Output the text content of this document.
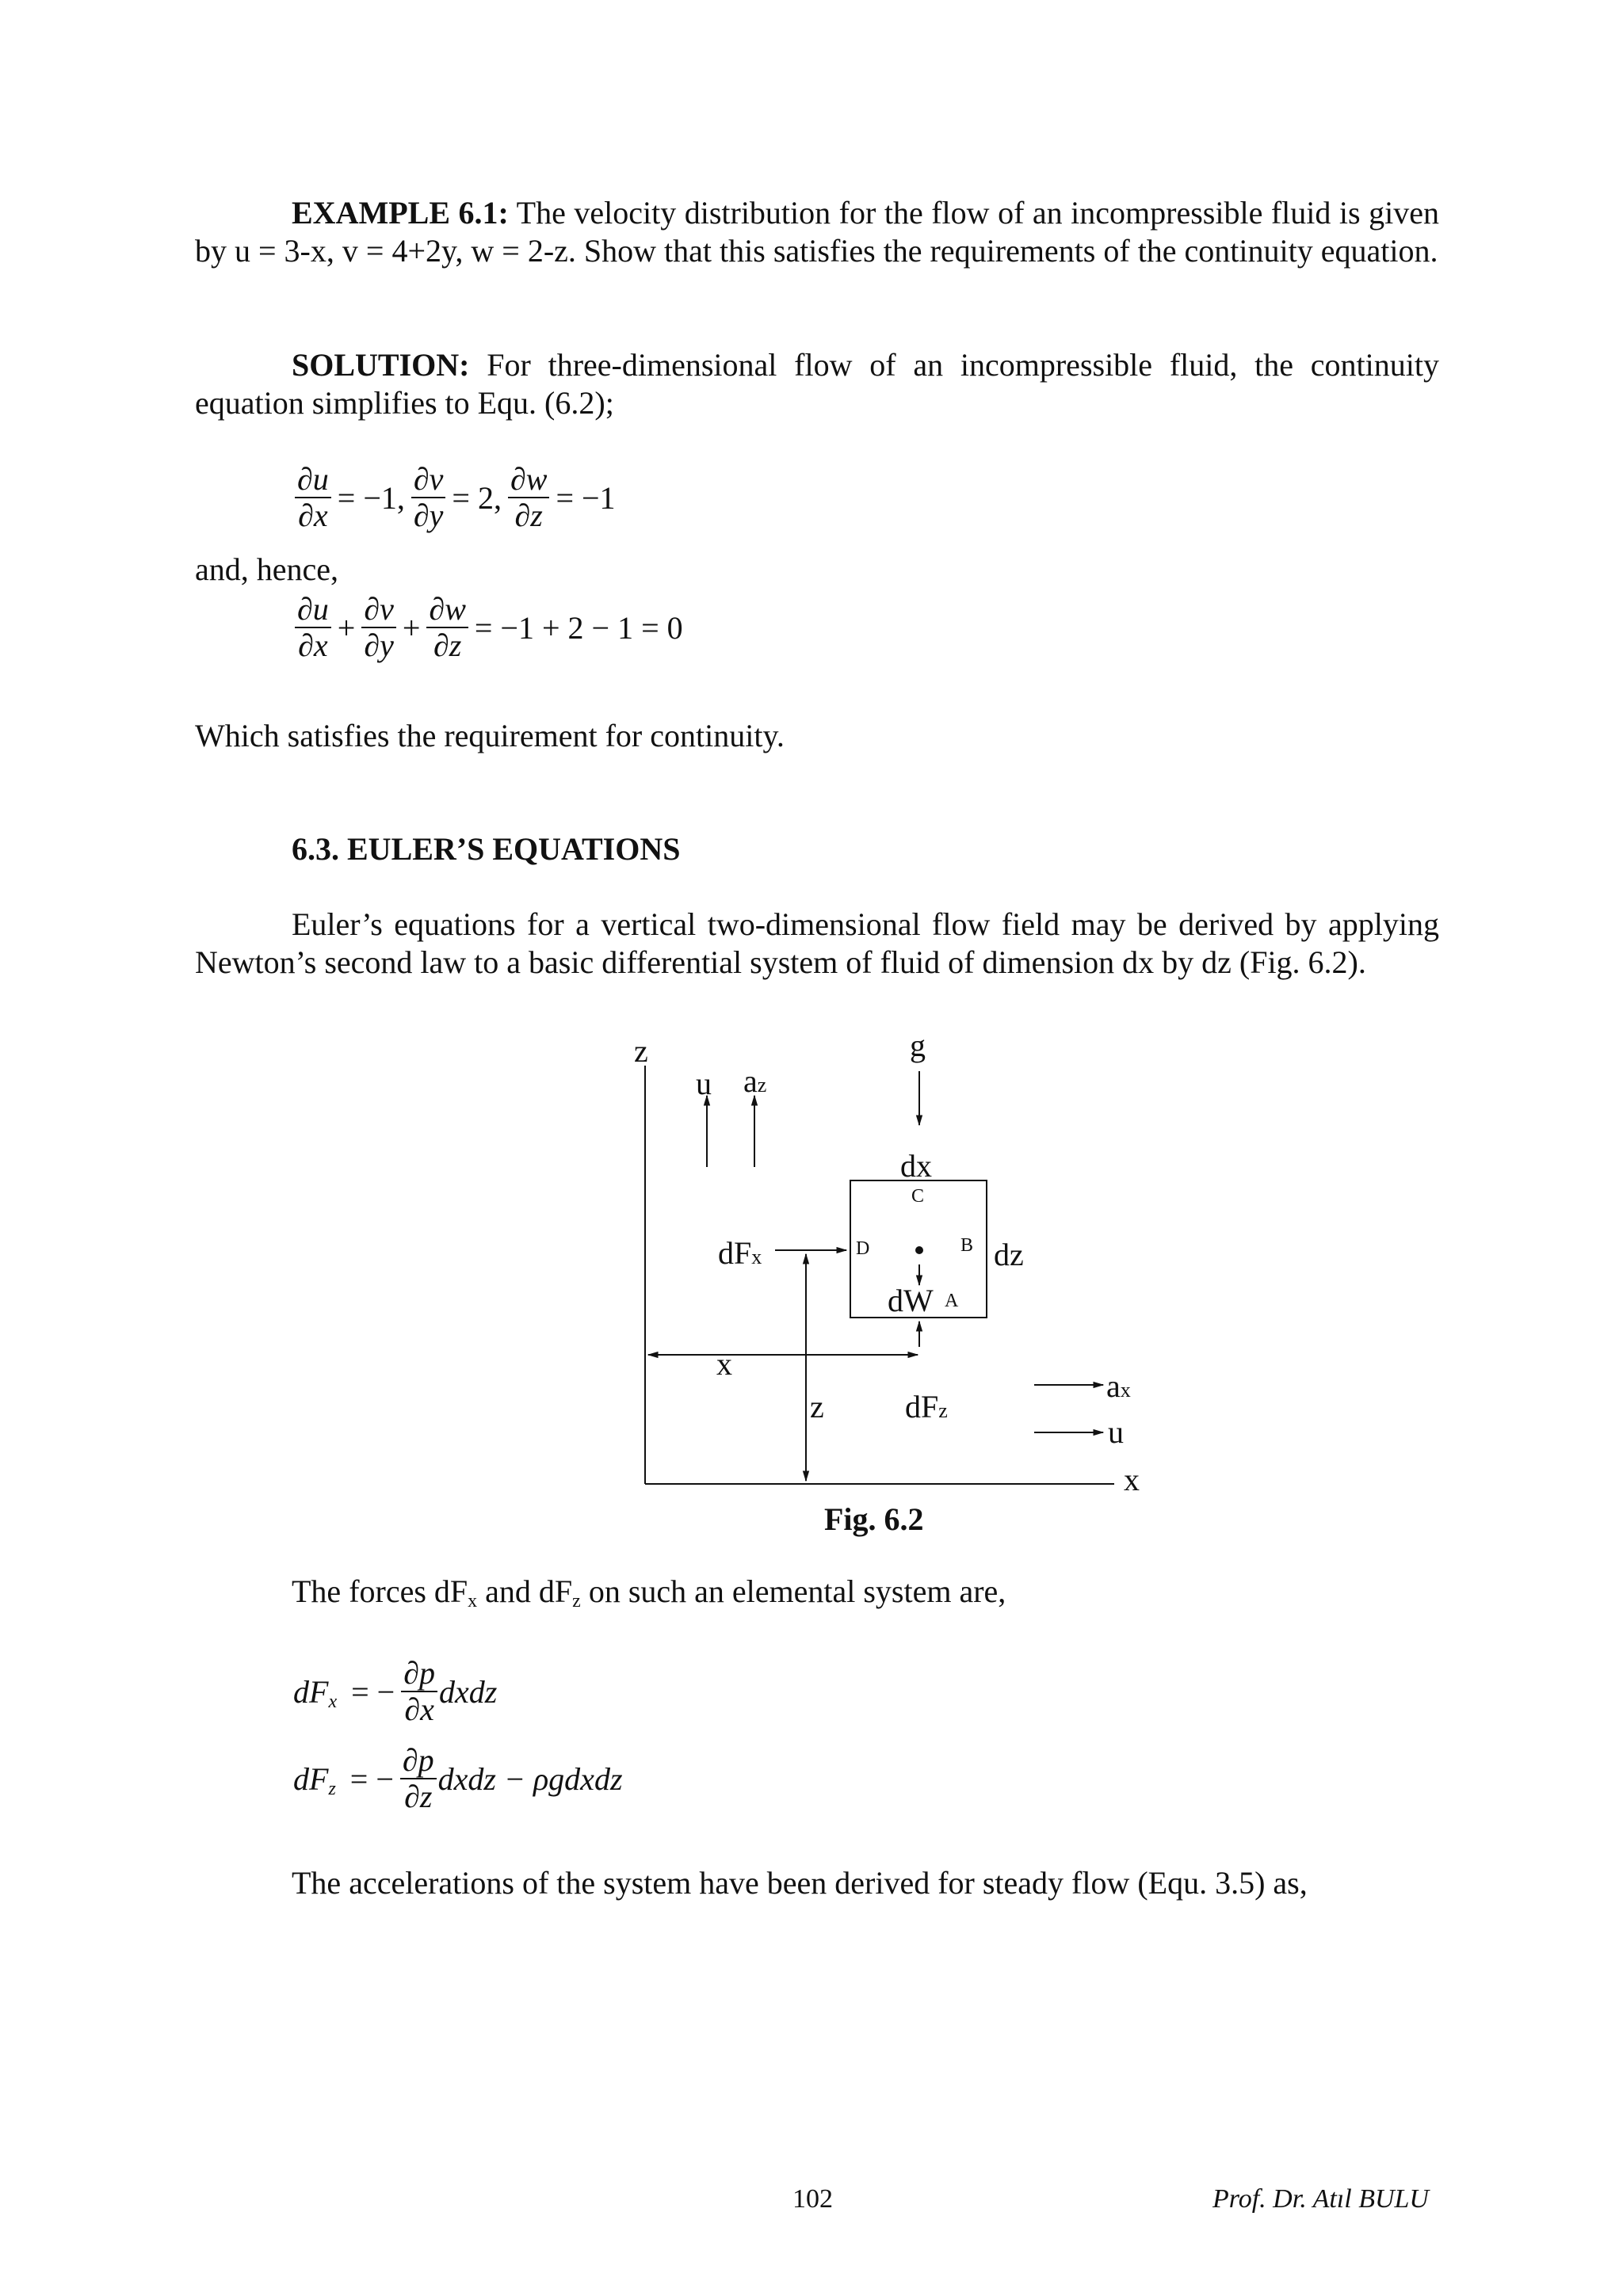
EXAMPLE 6.1: The velocity distribution for the flow of an incompressible fluid is given by u = 3-x, v = 4+2y, w = 2-z. Show that this satisfies the requirements of the continuity equation.
SOLUTION: For three-dimensional flow of an incompressible fluid, the continuity equation simplifies to Equ. (6.2);
$\frac{\partial u}{\partial x} = -1$, $\frac{\partial v}{\partial y} = 2$, $\frac{\partial w}{\partial z} = -1$
and, hence,
$\frac{\partial u}{\partial x} + \frac{\partial v}{\partial y} + \frac{\partial w}{\partial z} = -1 + 2 - 1 = 0$
Which satisfies the requirement for continuity.
6.3. EULER’S EQUATIONS
Euler’s equations for a vertical two-dimensional flow field may be derived by applying Newton’s second law to a basic differential system of fluid of dimension dx by dz (Fig. 6.2).
z
u az
g
dx
C
dFx	D	B dz
dW A
x
z	dFz
ax
u
x
Fig. 6.2
The forces $dF_x$ and $dF_z$ on such an elemental system are,
$dF_x$ = − $\frac{\partial p}{\partial x}$ dxdz
$dF_z$ = − $\frac{\partial p}{\partial z}$ dxdz − ρgdxdz
The accelerations of the system have been derived for steady flow (Equ. 3.5) as,
102	Prof. Dr. Atıl BULU
